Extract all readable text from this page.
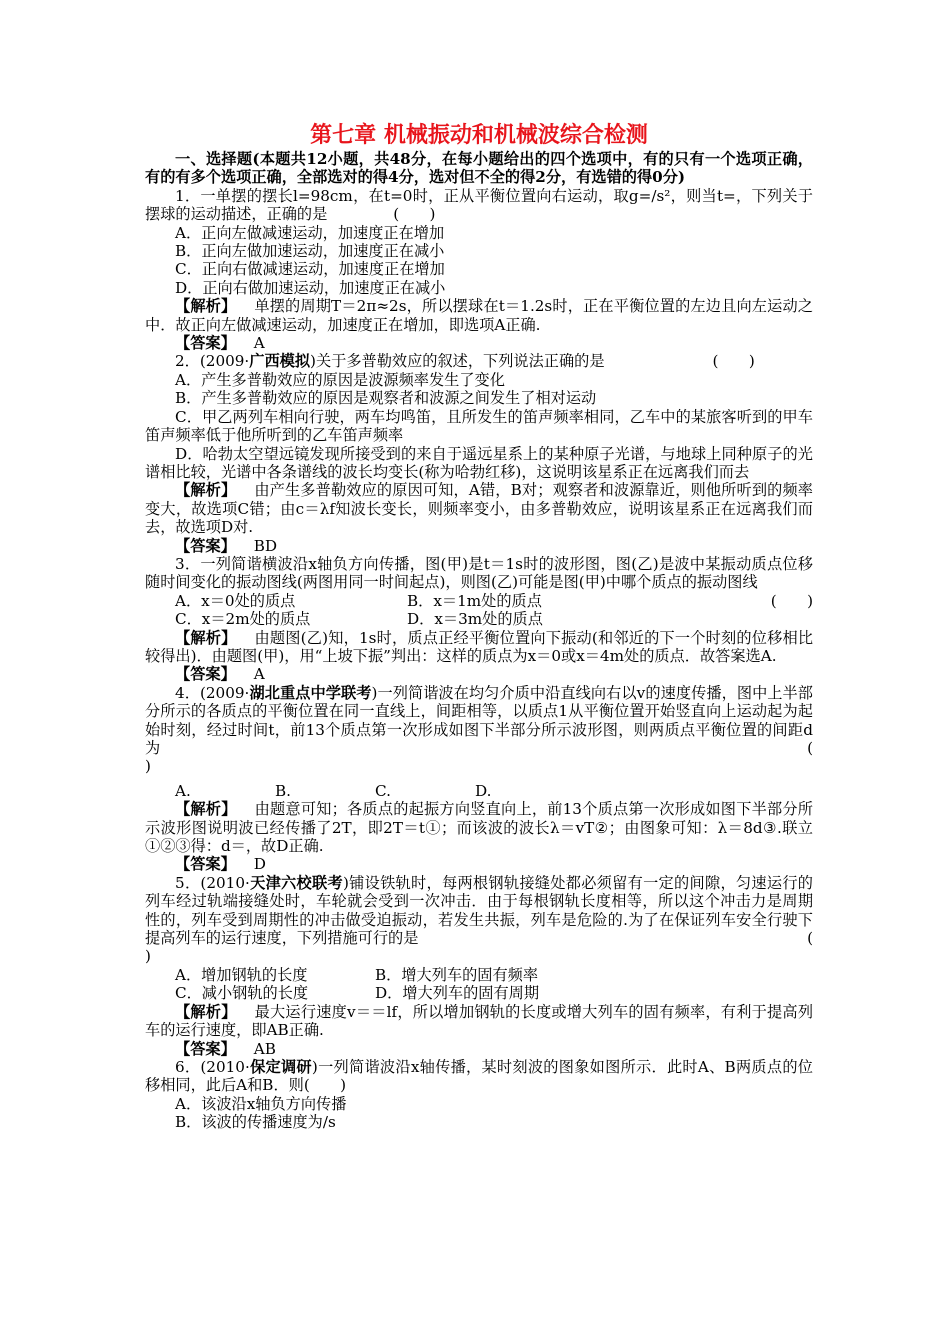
第七章 机械振动和机械波综合检测

一、选择题(本题共12小题，共48分，在每小题给出的四个选项中，有的只有一个选项正确，有的有多个选项正确，全部选对的得4分，选对但不全的得2分，有选错的得0分)

1．一单摆的摆长l=98cm，在t=0时，正从平衡位置向右运动，取g=/s²，则当t=，下列关于摆球的运动描述，正确的是	(　　)

A．正向左做减速运动，加速度正在增加

B．正向左做加速运动，加速度正在减小

C．正向右做减速运动，加速度正在增加

D．正向右做加速运动，加速度正在减小

【解析】 单摆的周期T＝2π≈2s，所以摆球在t＝1.2s时，正在平衡位置的左边且向左运动之中．故正向左做减速运动，加速度正在增加，即选项A正确.

【答案】 A

2．(2009·广西模拟)关于多普勒效应的叙述，下列说法正确的是	(　　)

A．产生多普勒效应的原因是波源频率发生了变化

B．产生多普勒效应的原因是观察者和波源之间发生了相对运动

C．甲乙两列车相向行驶，两车均鸣笛，且所发生的笛声频率相同，乙车中的某旅客听到的甲车笛声频率低于他所听到的乙车笛声频率

D．哈勃太空望远镜发现所接受到的来自于遥远星系上的某种原子光谱，与地球上同种原子的光谱相比较，光谱中各条谱线的波长均变长(称为哈勃红移)，这说明该星系正在远离我们而去

【解析】 由产生多普勒效应的原因可知，A错，B对；观察者和波源靠近，则他所听到的频率变大，故选项C错；由c＝λf知波长变长，则频率变小，由多普勒效应，说明该星系正在远离我们而去，故选项D对.

【答案】 BD

3．一列简谐横波沿x轴负方向传播，图(甲)是t＝1s时的波形图，图(乙)是波中某振动质点位移随时间变化的振动图线(两图用同一时间起点)，则图(乙)可能是图(甲)中哪个质点的振动图线
(　　)

A．x＝0处的质点	B．x＝1m处的质点
C．x＝2m处的质点	D．x＝3m处的质点

【解析】 由题图(乙)知，1s时，质点正经平衡位置向下振动(和邻近的下一个时刻的位移相比较得出)．由题图(甲)，用“上坡下振”判出：这样的质点为x＝0或x＝4m处的质点．故答案选A.

【答案】 A

4．(2009·湖北重点中学联考)一列简谐波在均匀介质中沿直线向右以v的速度传播，图中上半部分所示的各质点的平衡位置在同一直线上，间距相等，以质点1从平衡位置开始竖直向上运动起为起始时刻，经过时间t，前13个质点第一次形成如图下半部分所示波形图，则两质点平衡位置的间距d为	(

)

A.	B.	C.	D.

【解析】 由题意可知；各质点的起振方向竖直向上，前13个质点第一次形成如图下半部分所示波形图说明波已经传播了2T，即2T＝t①；而该波的波长λ＝vT②；由图象可知：λ＝8d③.联立①②③得：d＝，故D正确.

【答案】 D

5．(2010·天津六校联考)铺设铁轨时，每两根钢轨接缝处都必须留有一定的间隙，匀速运行的列车经过轨端接缝处时，车轮就会受到一次冲击．由于每根钢轨长度相等，所以这个冲击力是周期性的，列车受到周期性的冲击做受迫振动，若发生共振，列车是危险的.为了在保证列车安全行驶下提高列车的运行速度，下列措施可行的是	(

)

A．增加钢轨的长度	B．增大列车的固有频率
C．减小钢轨的长度	D．增大列车的固有周期

【解析】 最大运行速度v＝＝lf，所以增加钢轨的长度或增大列车的固有频率，有利于提高列车的运行速度，即AB正确.

【答案】 AB

6．(2010·保定调研)一列简谐波沿x轴传播，某时刻波的图象如图所示．此时A、B两质点的位移相同，此后A和B．则(　　)

A．该波沿x轴负方向传播

B．该波的传播速度为/s
